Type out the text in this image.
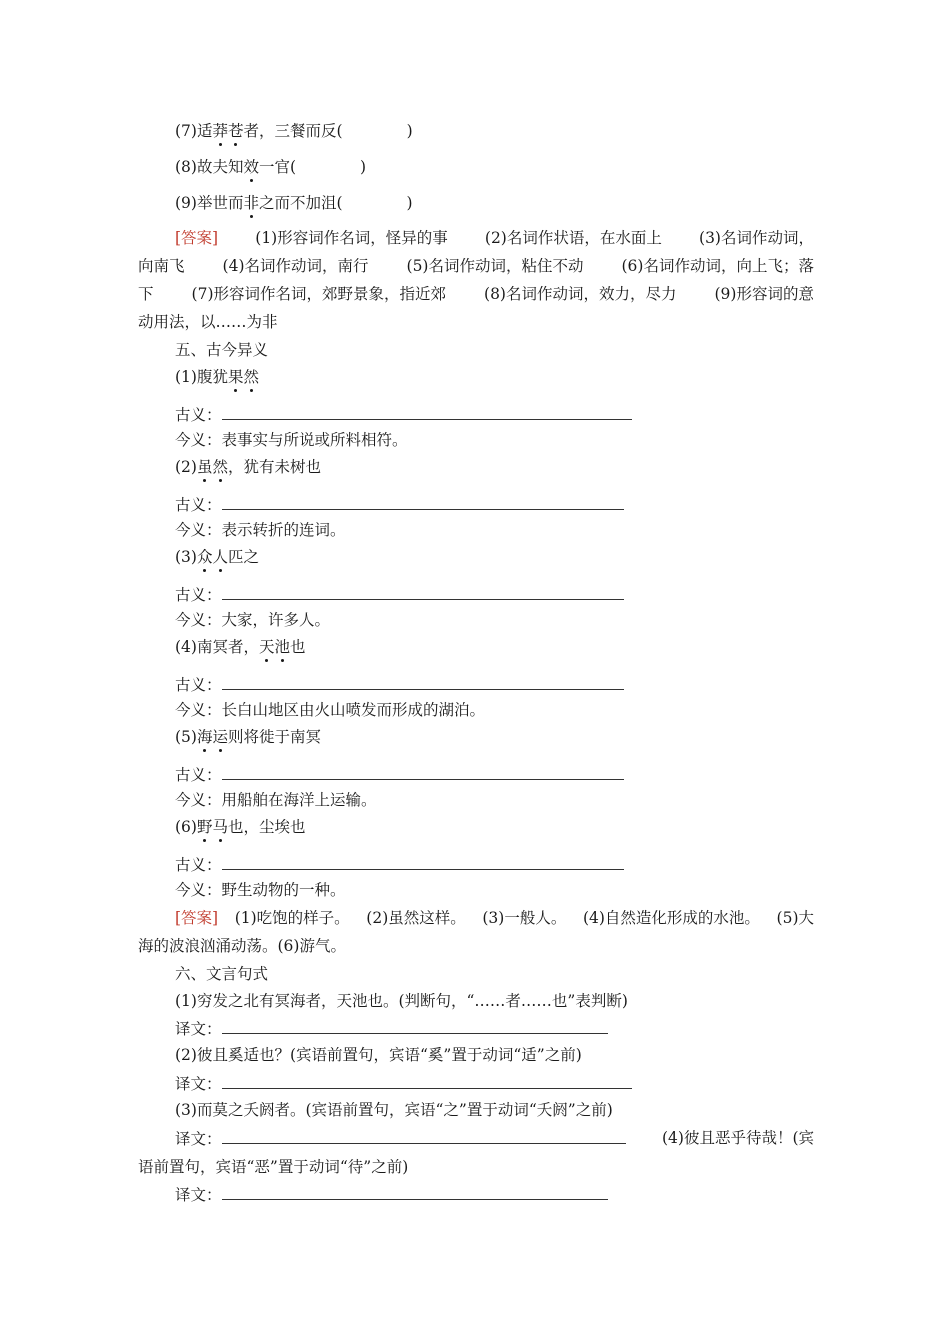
(7)适莽苍者，三餐而反(	)
(8)故夫知效一官(	)
(9)举世而非之而不加沮(	)
[答案] (1)形容词作名词，怪异的事 (2)名词作状语，在水面上 (3)名词作动词，
向南飞 (4)名词作动词，南行 (5)名词作动词，粘住不动 (6)名词作动词，向上飞；落
下 (7)形容词作名词，郊野景象，指近郊 (8)名词作动词，效力，尽力 (9)形容词的意
动用法，以……为非
五、古今异义
(1)腹犹果然
古义：
今义：表事实与所说或所料相符。
(2)虽然，犹有未树也
古义：
今义：表示转折的连词。
(3)众人匹之
古义：
今义：大家，许多人。
(4)南冥者，天池也
古义：
今义：长白山地区由火山喷发而形成的湖泊。
(5)海运则将徙于南冥
古义：
今义：用船舶在海洋上运输。
(6)野马也，尘埃也
古义：
今义：野生动物的一种。
[答案] (1)吃饱的样子。 (2)虽然这样。 (3)一般人。 (4)自然造化形成的水池。 (5)大
海的波浪汹涌动荡。(6)游气。
六、文言句式
(1)穷发之北有冥海者，天池也。(判断句，“……者……也”表判断)
译文：
(2)彼且奚适也？(宾语前置句，宾语“奚”置于动词“适”之前)
译文：
(3)而莫之夭阏者。(宾语前置句，宾语“之”置于动词“夭阏”之前)
译文：	(4)彼且恶乎待哉！(宾
语前置句，宾语“恶”置于动词“待”之前)
译文：
